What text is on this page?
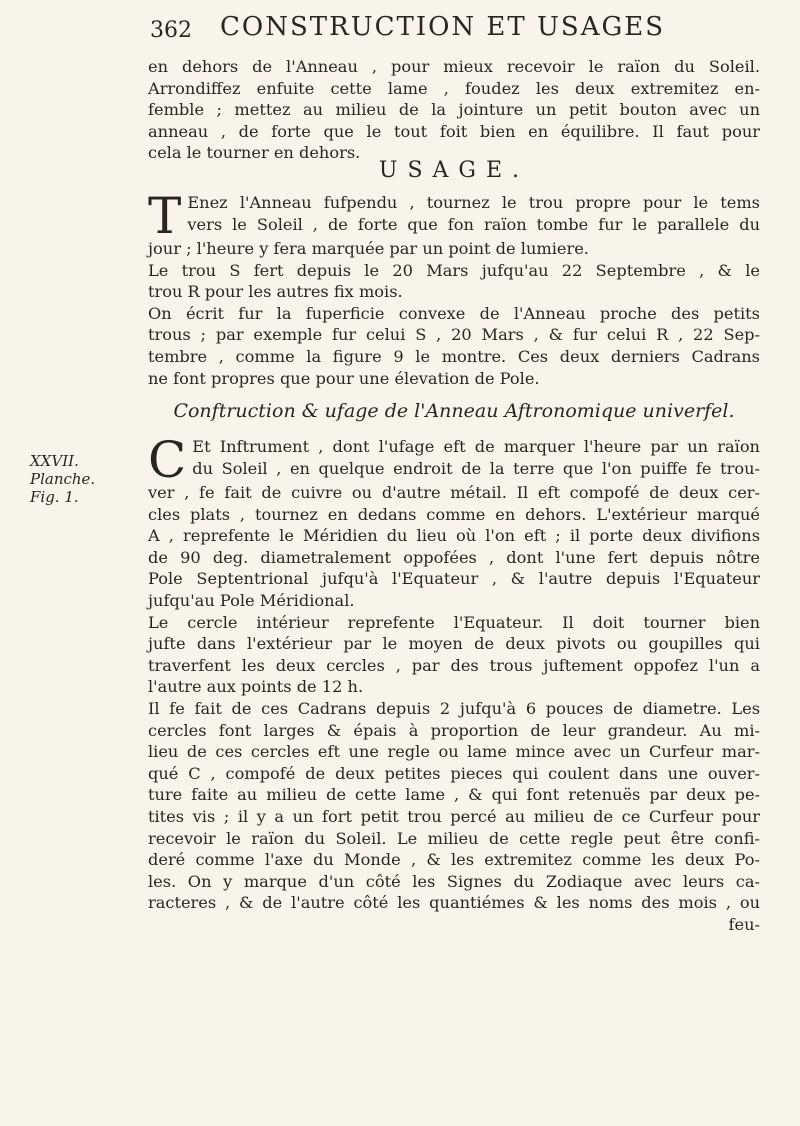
362 CONSTRUCTION ET USAGES
en dehors de l'Anneau , pour mieux recevoir le raïon du Soleil.
Arrondiffez enfuite cette lame , foudez les deux extremitez en-
femble ; mettez au milieu de la jointure un petit bouton avec un
anneau , de forte que le tout foit bien en équilibre. Il faut pour
cela le tourner en dehors.
USAGE.
T Enez l'Anneau fufpendu , tournez le trou propre pour le tems
vers le Soleil , de forte que fon raïon tombe fur le parallele du
jour ; l'heure y fera marquée par un point de lumiere.
Le trou S fert depuis le 20 Mars jufqu'au 22 Septembre , & le
trou R pour les autres fix mois.
On écrit fur la fuperficie convexe de l'Anneau proche des petits
trous ; par exemple fur celui S , 20 Mars , & fur celui R , 22 Sep-
tembre , comme la figure 9 le montre. Ces deux derniers Cadrans
ne font propres que pour une élevation de Pole.
Conftruction & ufage de l'Anneau Aftronomique univerfel.
XXVII.
Planche.
Fig. 1.
C Et Inftrument , dont l'ufage eft de marquer l'heure par un raïon
du Soleil , en quelque endroit de la terre que l'on puiffe fe trou-
ver , fe fait de cuivre ou d'autre métail. Il eft compofé de deux cer-
cles plats , tournez en dedans comme en dehors. L'extérieur marqué
A , reprefente le Méridien du lieu où l'on eft ; il porte deux divifions
de 90 deg. diametralement oppofées , dont l'une fert depuis nôtre
Pole Septentrional jufqu'à l'Equateur , & l'autre depuis l'Equateur
jufqu'au Pole Méridional.
Le cercle intérieur reprefente l'Equateur. Il doit tourner bien
jufte dans l'extérieur par le moyen de deux pivots ou goupilles qui
traverfent les deux cercles , par des trous juftement oppofez l'un a
l'autre aux points de 12 h.
Il fe fait de ces Cadrans depuis 2 jufqu'à 6 pouces de diametre. Les
cercles font larges & épais à proportion de leur grandeur. Au mi-
lieu de ces cercles eft une regle ou lame mince avec un Curfeur mar-
qué C , compofé de deux petites pieces qui coulent dans une ouver-
ture faite au milieu de cette lame , & qui font retenuës par deux pe-
tites vis ; il y a un fort petit trou percé au milieu de ce Curfeur pour
recevoir le raïon du Soleil. Le milieu de cette regle peut être confi-
deré comme l'axe du Monde , & les extremitez comme les deux Po-
les. On y marque d'un côté les Signes du Zodiaque avec leurs ca-
racteres , & de l'autre côté les quantiémes & les noms des mois , ou
feu-
